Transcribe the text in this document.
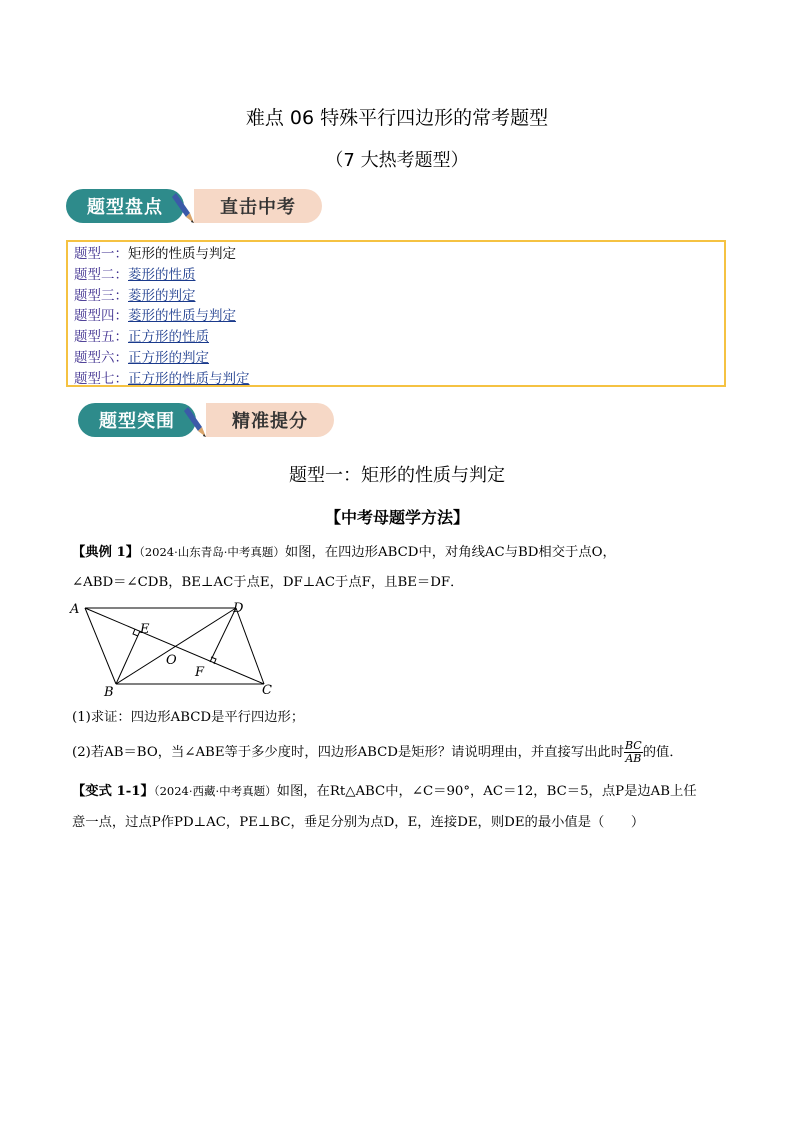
难点 06 特殊平行四边形的常考题型
（7 大热考题型）
题型盘点	直击中考
题型一：矩形的性质与判定
题型二：菱形的性质
题型三：菱形的判定
题型四：菱形的性质与判定
题型五：正方形的性质
题型六：正方形的判定
题型七：正方形的性质与判定
题型突围	精准提分
题型一：矩形的性质与判定
【中考母题学方法】
【典例 1】（2024·山东青岛·中考真题）如图，在四边形ABCD中，对角线AC与BD相交于点O，
∠ABD＝∠CDB，BE⊥AC于点E，DF⊥AC于点F，且BE＝DF．
A
B	C
D
E
F
O
(1)求证：四边形ABCD是平行四边形；
(2)若AB＝BO，当∠ABE等于多少度时，四边形ABCD是矩形？请说明理由，并直接写出此时 $\frac{BC}{AB}$ 的值．
【变式 1-1】（2024·西藏·中考真题）如图，在Rt△ABC中，∠C＝90°，AC＝12，BC＝5，点P是边AB上任
意一点，过点P作PD⊥AC，PE⊥BC，垂足分别为点D，E，连接DE，则DE的最小值是（　　）
